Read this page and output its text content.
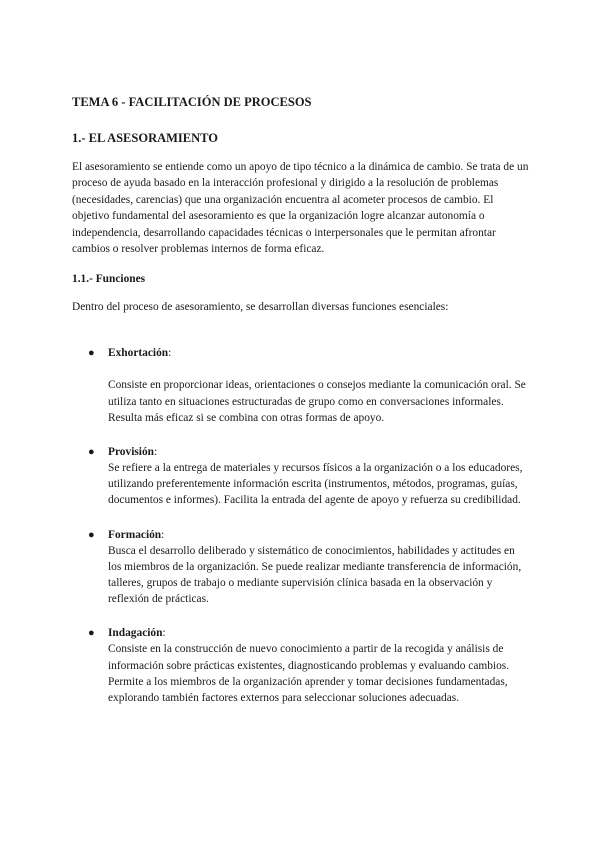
TEMA 6 - FACILITACIÓN DE PROCESOS
1.- EL ASESORAMIENTO

El asesoramiento se entiende como un apoyo de tipo técnico a la dinámica de cambio. Se trata de un proceso de ayuda basado en la interacción profesional y dirigido a la resolución de problemas (necesidades, carencias) que una organización encuentra al acometer procesos de cambio. El objetivo fundamental del asesoramiento es que la organización logre alcanzar autonomía o independencia, desarrollando capacidades técnicas o interpersonales que le permitan afrontar cambios o resolver problemas internos de forma eficaz.

1.1.- Funciones

Dentro del proceso de asesoramiento, se desarrollan diversas funciones esenciales:

● Exhortación:

Consiste en proporcionar ideas, orientaciones o consejos mediante la comunicación oral. Se utiliza tanto en situaciones estructuradas de grupo como en conversaciones informales. Resulta más eficaz si se combina con otras formas de apoyo.

● Provisión:

Se refiere a la entrega de materiales y recursos físicos a la organización o a los educadores, utilizando preferentemente información escrita (instrumentos, métodos, programas, guías, documentos e informes). Facilita la entrada del agente de apoyo y refuerza su credibilidad.

● Formación:

Busca el desarrollo deliberado y sistemático de conocimientos, habilidades y actitudes en los miembros de la organización. Se puede realizar mediante transferencia de información, talleres, grupos de trabajo o mediante supervisión clínica basada en la observación y reflexión de prácticas.

● Indagación:

Consiste en la construcción de nuevo conocimiento a partir de la recogida y análisis de información sobre prácticas existentes, diagnosticando problemas y evaluando cambios. Permite a los miembros de la organización aprender y tomar decisiones fundamentadas, explorando también factores externos para seleccionar soluciones adecuadas.
